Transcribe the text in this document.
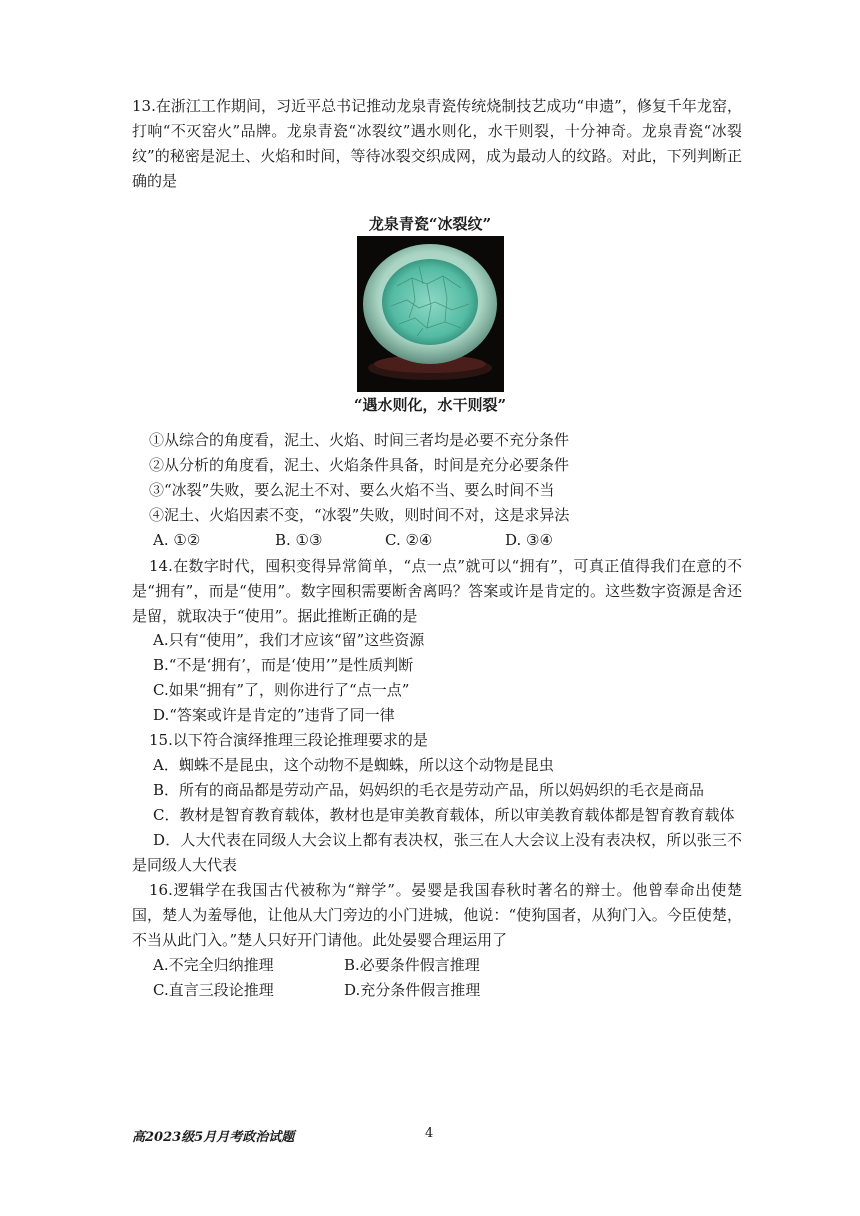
13.在浙江工作期间，习近平总书记推动龙泉青瓷传统烧制技艺成功“申遗”，修复千年龙窑，打响“不灭窑火”品牌。龙泉青瓷“冰裂纹”遇水则化，水干则裂，十分神奇。龙泉青瓷“冰裂纹”的秘密是泥土、火焰和时间，等待冰裂交织成网，成为最动人的纹路。对此，下列判断正确的是

龙泉青瓷“冰裂纹”
“遇水则化，水干则裂”
①从综合的角度看，泥土、火焰、时间三者均是必要不充分条件
②从分析的角度看，泥土、火焰条件具备，时间是充分必要条件
③“冰裂”失败，要么泥土不对、要么火焰不当、要么时间不当
④泥土、火焰因素不变，“冰裂”失败，则时间不对，这是求异法
A. ①②	B. ①③	C. ②④	D. ③④

14.在数字时代，囤积变得异常简单，“点一点”就可以“拥有”，可真正值得我们在意的不是“拥有”，而是“使用”。数字囤积需要断舍离吗？答案或许是肯定的。这些数字资源是舍还是留，就取决于“使用”。据此推断正确的是

A.只有“使用”，我们才应该“留”这些资源
B.“不是‘拥有’，而是‘使用’”是性质判断
C.如果“拥有”了，则你进行了“点一点”
D.“答案或许是肯定的”违背了同一律
15.以下符合演绎推理三段论推理要求的是
A．蜘蛛不是昆虫，这个动物不是蜘蛛，所以这个动物是昆虫
B．所有的商品都是劳动产品，妈妈织的毛衣是劳动产品，所以妈妈织的毛衣是商品
C．教材是智育教育载体，教材也是审美教育载体，所以审美教育载体都是智育教育载体

D．人大代表在同级人大会议上都有表决权，张三在人大会议上没有表决权，所以张三不是同级人大代表

16.逻辑学在我国古代被称为“辩学”。晏婴是我国春秋时著名的辩士。他曾奉命出使楚国，楚人为羞辱他，让他从大门旁边的小门进城，他说：“使狗国者，从狗门入。今臣使楚，不当从此门入。”楚人只好开门请他。此处晏婴合理运用了

A.不完全归纳推理	B.必要条件假言推理
C.直言三段论推理	D.充分条件假言推理
高2023级5月月考政治试题	4
